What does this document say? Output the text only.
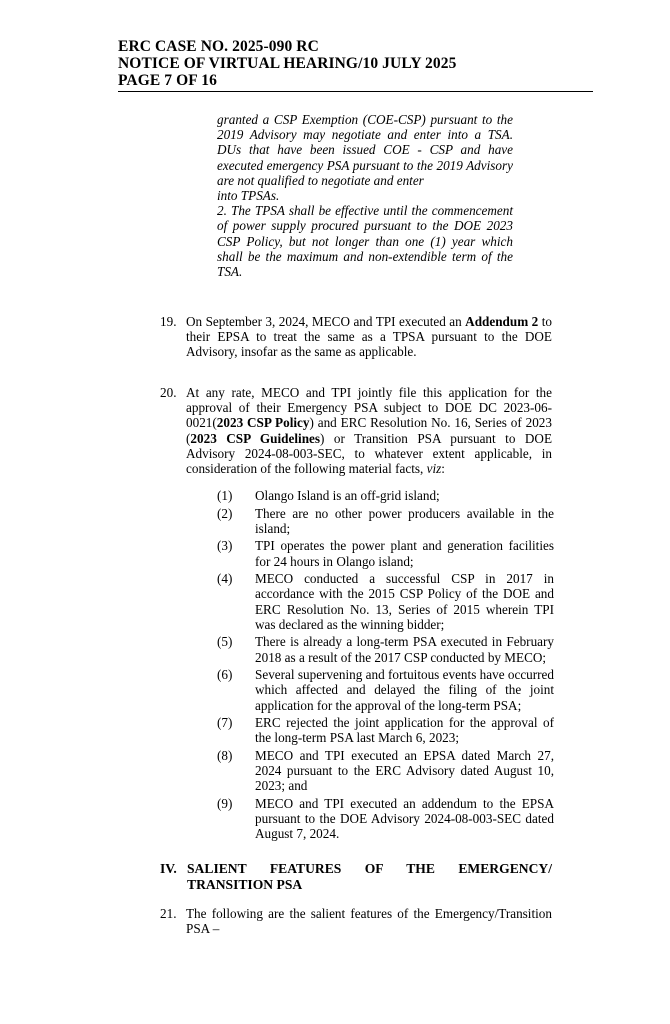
ERC CASE NO. 2025-090 RC
NOTICE OF VIRTUAL HEARING/10 JULY 2025
PAGE 7 OF 16

granted a CSP Exemption (COE-CSP) pursuant to the 2019 Advisory may negotiate and enter into a TSA. DUs that have been issued COE - CSP and have executed emergency PSA pursuant to the 2019 Advisory are not qualified to negotiate and enter

into TPSAs.

2. The TPSA shall be effective until the commencement of power supply procured pursuant to the DOE 2023 CSP Policy, but not longer than one (1) year which shall be the maximum and non-extendible term of the TSA.

19. On September 3, 2024, MECO and TPI executed an Addendum 2 to their EPSA to treat the same as a TPSA pursuant to the DOE Advisory, insofar as the same as applicable.
20. At any rate, MECO and TPI jointly file this application for the approval of their Emergency PSA subject to DOE DC 2023-06-0021(2023 CSP Policy) and ERC Resolution No. 16, Series of 2023 (2023 CSP Guidelines) or Transition PSA pursuant to DOE Advisory 2024-08-003-SEC, to whatever extent applicable, in consideration of the following material facts, viz:
(1)	Olango Island is an off-grid island;
(2)	There are no other power producers available in the island;
(3)	TPI operates the power plant and generation facilities for 24 hours in Olango island;
(4)	MECO conducted a successful CSP in 2017 in accordance with the 2015 CSP Policy of the DOE and ERC Resolution No. 13, Series of 2015 wherein TPI was declared as the winning bidder;
(5)	There is already a long-term PSA executed in February 2018 as a result of the 2017 CSP conducted by MECO;
(6)	Several supervening and fortuitous events have occurred which affected and delayed the filing of the joint application for the approval of the long-term PSA;
(7)	ERC rejected the joint application for the approval of the long-term PSA last March 6, 2023;
(8)	MECO and TPI executed an EPSA dated March 27, 2024 pursuant to the ERC Advisory dated August 10, 2023; and
(9)	MECO and TPI executed an addendum to the EPSA pursuant to the DOE Advisory 2024-08-003-SEC dated August 7, 2024.
IV. SALIENT FEATURES OF THE EMERGENCY/
TRANSITION PSA
21. The following are the salient features of the Emergency/Transition PSA –
